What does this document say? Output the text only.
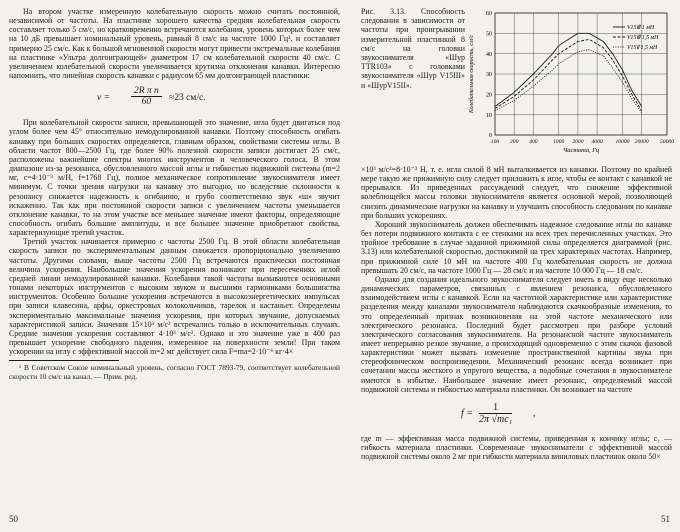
На втором участке измеренную колебательную скорость можно считать постоянной, независимой от частоты. На пластинке хорошего качества средняя колебательная скорость составляет только 5 см/с, но кратковременно встречаются колебания, уровень которых более чем на 10 дБ превышает номинальный уровень, равный 8 см/с на частоте 1000 Гц¹, и составляет примерно 25 см/с. Как к большой мгновенной скорости могут привести экстремальные колебания на пластинке «Ультра долгоиграющей» диаметром 17 см колебательной скорости 40 см/с. С увеличением колебательной скорости увеличивается крутизна отклонения канавки. Интересно напомнить, что линейная скорость канавки с радиусом 65 мм долгоиграющей пластинки:

$v = \frac{\text{2R π n}}{60} \approx 23$ см/с.

При колебательной скорости записи, превышающей это значение, игла будет двигаться под углом более чем 45° относительно немодулированной канавки. Поэтому способность огибать канавку при больших скоростях определяется, главным образом, свойствами системы иглы. В области частот 800—2500 Гц, где более 90% полезной скорости записи достигает 25 см/с, расположены важнейшие спектры многих инструментов и человеческого голоса. В этом диапазоне из-за резонанса, обусловленного массой иглы и гибкостью подвижной системы (m=2 мг, с=4·10⁻³ м/Н, f=1768 Гц), полное механическое сопротивление звукоснимателя имеет минимум. С точки зрения нагрузки на канавку это выгодно, но вследствие склонности к резонансу снижается надежность к огибанию, и грубо соответственно звук «ш» звучит искаженно. Так как при постоянной скорости записи с увеличением частоты уменьшается отклонение канавки, то на этом участке все меньшее значение имеют факторы, определяющие способность огибать большие амплитуды, и все большее значение приобретают свойства, характеризующие третий участок.

Третий участок начинается примерно с частоты 2500 Гц. В этой области колебательная скорость записи по экспериментальным данным снижается пропорционально увеличению частоты. Другими словами, выше частоты 2500 Гц встречаются практически постоянная величина ускорения. Наибольшие значения ускорения возникают при пересечениях иглой средней линии немодулированной канавки. Колебания такой частоты вызываются основными тонами некоторых инструментов с высоким звуком и высшими гармониками большинства инструментов. Особенно большие ускорения встречаются в высокоэнергетических импульсах при записи клавесина, арфы, оркестровых колокольчиков, тарелок и кастаньет. Определены экспериментально максимальные значения ускорения, при которых звучание, допускаемых характеристикой записи. Значения 15×10³ м/с² встречались только в исключительных случаях. Средние значения ускорения составляют 4·10³ м/с². Однако и это значение уже в 400 раз превышает ускорение свободного падения, измеренное на поверхности земли! При таком ускорении на иглу с эффективной массой m=2 мг действует сила F=ma=2·10⁻⁶ кг·4×

¹ В Советском Союзе номинальный уровень, согласно ГОСТ 7893-79, соответствует колебательной скорости 10 см/с на канал. — Прим. ред.

50

Рис. 3.13. Способность следования в зависимости от частоты при проигрывании измерительной пластинкой 8 см/с на головки звукоснимателя «Шур TTR103» с головками звукоснимателя «Шур V15III» и «ШурV15II».

0
10
20
30
40
50
60
100 200 400	1000 2000 4000 10000 20000 50000
Частота, Гц
Колебательная скорость, см/с
V15Ⅲ 1 мН
V15Ⅲ 1,5 мН
V15Ⅱ 1,5 мН

×10³ м/с²=8·10⁻³ Н, т. е. игла силой 8 мН выталкивается из канавки. Поэтому по крайней мере такую же прижимную силу следует приложить к игле, чтобы ее контакт с канавкой не прерывался. Из приведенных рассуждений следует, что снижение эффективной колеблющейся массы головки звукоснимателя является основной мерой, позволяющей снизить динамические нагрузки на канавку и улучшить способность следования по канавке при больших ускорениях.

Хороший звукосниматель должен обеспечивать надежное следование иглы по канавке без потери подвижного контакта с ее стенками на всех трех перечисленных участках. Это тройное требование в случае заданной прижимной силы определяется диаграммой (рис. 3.13) или колебательной скоростью, достижимой на трех характерных частотах. Например, при прижимной силе 10 мН на частоте 400 Гц колебательная скорость не должна превышать 20 см/с, на частоте 1000 Гц — 28 см/с и на частоте 10 000 Гц — 18 см/с.

Однако для создания идеального звукоснимателя следует иметь в виду еще несколько динамических параметров, связанных с явлением резонанса, обусловленного взаимодействием иглы с канавкой. Если на частотной характеристике или характеристике разделения между каналами звукоснимателя наблюдаются скачкообразные изменения, то это определенный признак возникновения на этой частоте механического или электрического резонанса. Последний будет рассмотрен при разборе условий электрического согласования звукоснимателя. На резонансной частоте звукосниматель имеет непрерывно резкое звучание, а происходящий одновременно с этим скачок фазовой характеристики может вызвать изменение пространственной картины звука при стереофоническом воспроизведении. Механический резонанс всегда возникает при сочетании массы жесткого и упругого вещества, а подобные сочетания в звукоснимателе имеются в избытке. Наибольшее значение имеет резонанс, определяемый массой подвижной системы и гибкостью материала пластинки. Он возникает на частоте

$f = \frac{1}{\text{2π √mc₁}}$ ,

где m — эффективная масса подвижной системы, приведенная к кончику иглы; c₁ — гибкость материала пластинки. Современные звукосниматели с эффективной массой подвижной системы около 2 мг при гибкости материала виниловых пластинок около 50×

51
